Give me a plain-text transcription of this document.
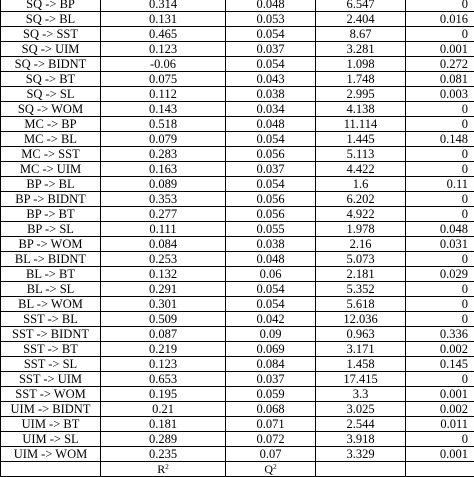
SQ -> BP	0.314	0.048	6.547	0
SQ -> BL	0.131	0.053	2.404	0.016
SQ -> SST	0.465	0.054	8.67	0
SQ -> UIM	0.123	0.037	3.281	0.001
SQ -> BIDNT	-0.06	0.054	1.098	0.272
SQ -> BT	0.075	0.043	1.748	0.081
SQ -> SL	0.112	0.038	2.995	0.003
SQ -> WOM	0.143	0.034	4.138	0
MC -> BP	0.518	0.048	11.114	0
MC -> BL	0.079	0.054	1.445	0.148
MC -> SST	0.283	0.056	5.113	0
MC -> UIM	0.163	0.037	4.422	0
BP -> BL	0.089	0.054	1.6	0.11
BP -> BIDNT	0.353	0.056	6.202	0
BP -> BT	0.277	0.056	4.922	0
BP -> SL	0.111	0.055	1.978	0.048
BP -> WOM	0.084	0.038	2.16	0.031
BL -> BIDNT	0.253	0.048	5.073	0
BL -> BT	0.132	0.06	2.181	0.029
BL -> SL	0.291	0.054	5.352	0
BL -> WOM	0.301	0.054	5.618	0
SST -> BL	0.509	0.042	12.036	0
SST -> BIDNT	0.087	0.09	0.963	0.336
SST -> BT	0.219	0.069	3.171	0.002
SST -> SL	0.123	0.084	1.458	0.145
SST -> UIM	0.653	0.037	17.415	0
SST -> WOM	0.195	0.059	3.3	0.001
UIM -> BIDNT	0.21	0.068	3.025	0.002
UIM -> BT	0.181	0.071	2.544	0.011
UIM -> SL	0.289	0.072	3.918	0
UIM -> WOM	0.235	0.07	3.329	0.001
	$R^2$	$Q^2$		
